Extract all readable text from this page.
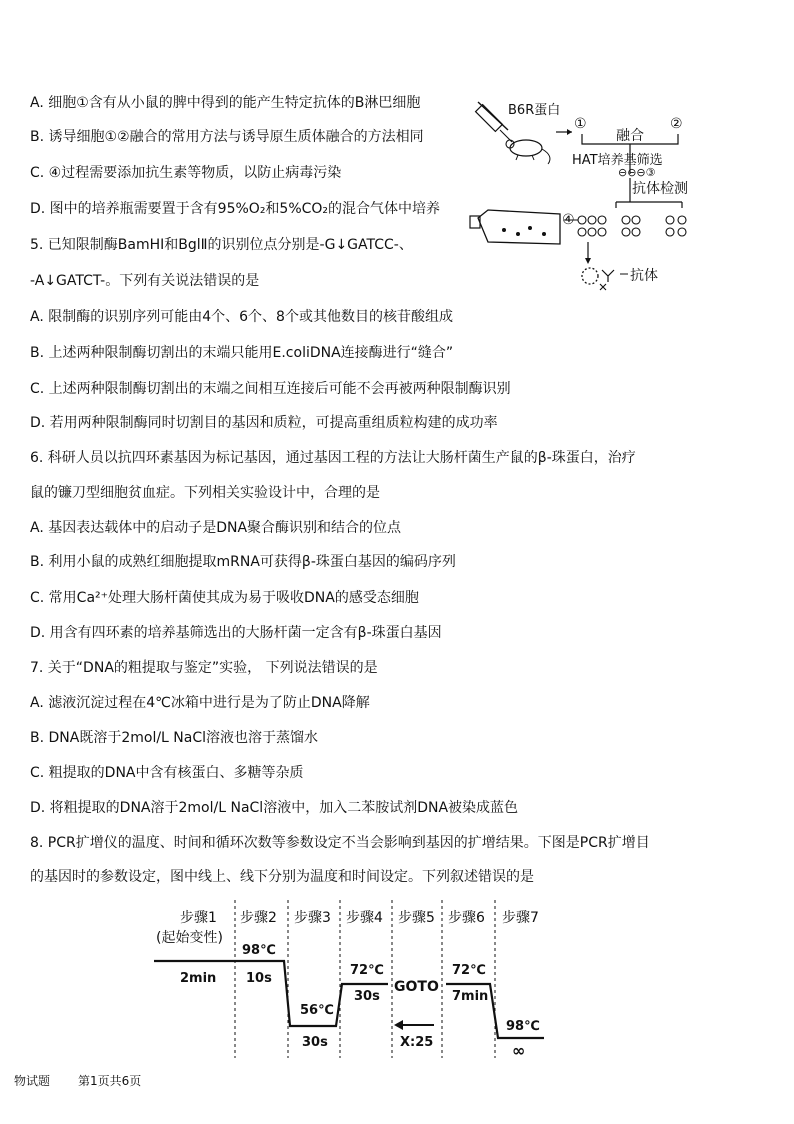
A. 细胞①含有从小鼠的脾中得到的能产生特定抗体的B淋巴细胞
B. 诱导细胞①②融合的常用方法与诱导原生质体融合的方法相同
C. ④过程需要添加抗生素等物质，以防止病毒污染
D. 图中的培养瓶需要置于含有95%O₂和5%CO₂的混合气体中培养
5. 已知限制酶BamHI和BglⅡ的识别位点分别是-G↓GATCC-、
-A↓GATCT-。下列有关说法错误的是
A. 限制酶的识别序列可能由4个、6个、8个或其他数目的核苷酸组成
B. 上述两种限制酶切割出的末端只能用E.coliDNA连接酶进行“缝合”
C. 上述两种限制酶切割出的末端之间相互连接后可能不会再被两种限制酶识别
D. 若用两种限制酶同时切割目的基因和质粒，可提高重组质粒构建的成功率
6. 科研人员以抗四环素基因为标记基因，通过基因工程的方法让大肠杆菌生产鼠的β-珠蛋白，治疗
鼠的镰刀型细胞贫血症。下列相关实验设计中，合理的是
A. 基因表达载体中的启动子是DNA聚合酶识别和结合的位点
B. 利用小鼠的成熟红细胞提取mRNA可获得β-珠蛋白基因的编码序列
C. 常用Ca²⁺处理大肠杆菌使其成为易于吸收DNA的感受态细胞
D. 用含有四环素的培养基筛选出的大肠杆菌一定含有β-珠蛋白基因
7. 关于“DNA的粗提取与鉴定”实验， 下列说法错误的是
A. 滤液沉淀过程在4℃冰箱中进行是为了防止DNA降解
B. DNA既溶于2mol/L NaCl溶液也溶于蒸馏水
C. 粗提取的DNA中含有核蛋白、多糖等杂质
D. 将粗提取的DNA溶于2mol/L NaCl溶液中，加入二苯胺试剂DNA被染成蓝色
8. PCR扩增仪的温度、时间和循环次数等参数设定不当会影响到基因的扩增结果。下图是PCR扩增目
的基因时的参数设定，图中线上、线下分别为温度和时间设定。下列叙述错误的是
B6R蛋白
①	②
融合
HAT培养基筛选
⊖⊖⊖③
抗体检测
④
抗体
步骤1 步骤2 步骤3 步骤4 步骤5 步骤6 步骤7
(起始变性)
98℃
2min 10s
56℃
30s
72℃
30s
GOTO
72℃
7min
98℃
∞
X:25
物试题 第1页共6页
